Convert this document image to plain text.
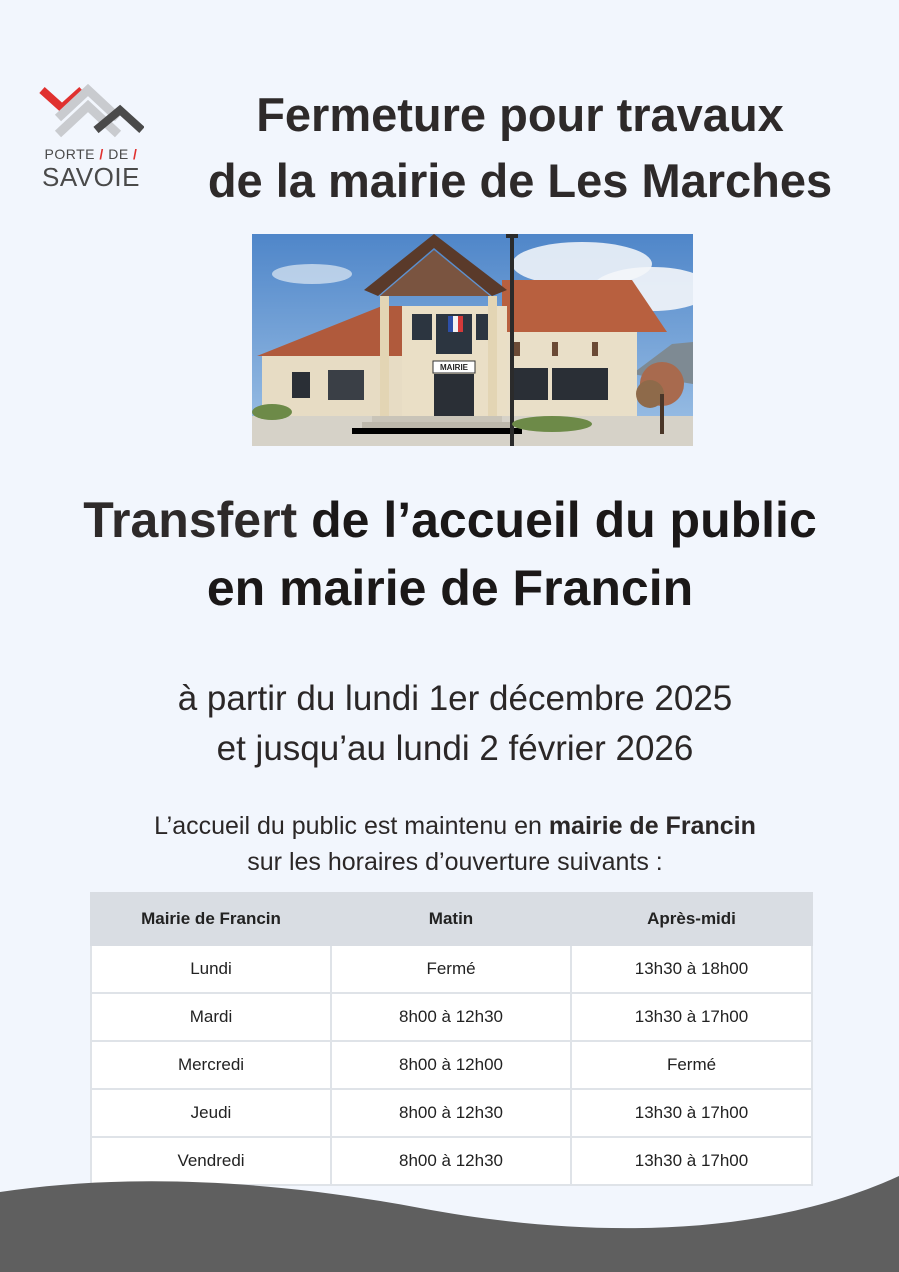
PORTE / DE /
SAVOIE
Fermeture pour travaux
de la mairie de Les Marches
MAIRIE
Transfert de l’accueil du public
en mairie de Francin
à partir du lundi 1er décembre 2025
et jusqu’au lundi 2 février 2026
L’accueil du public est maintenu en mairie de Francin
sur les horaires d’ouverture suivants :
Mairie de Francin	Matin	Après-midi
Lundi	Fermé	13h30 à 18h00
Mardi	8h00 à 12h30	13h30 à 17h00
Mercredi	8h00 à 12h00	Fermé
Jeudi	8h00 à 12h30	13h30 à 17h00
Vendredi	8h00 à 12h30	13h30 à 17h00
